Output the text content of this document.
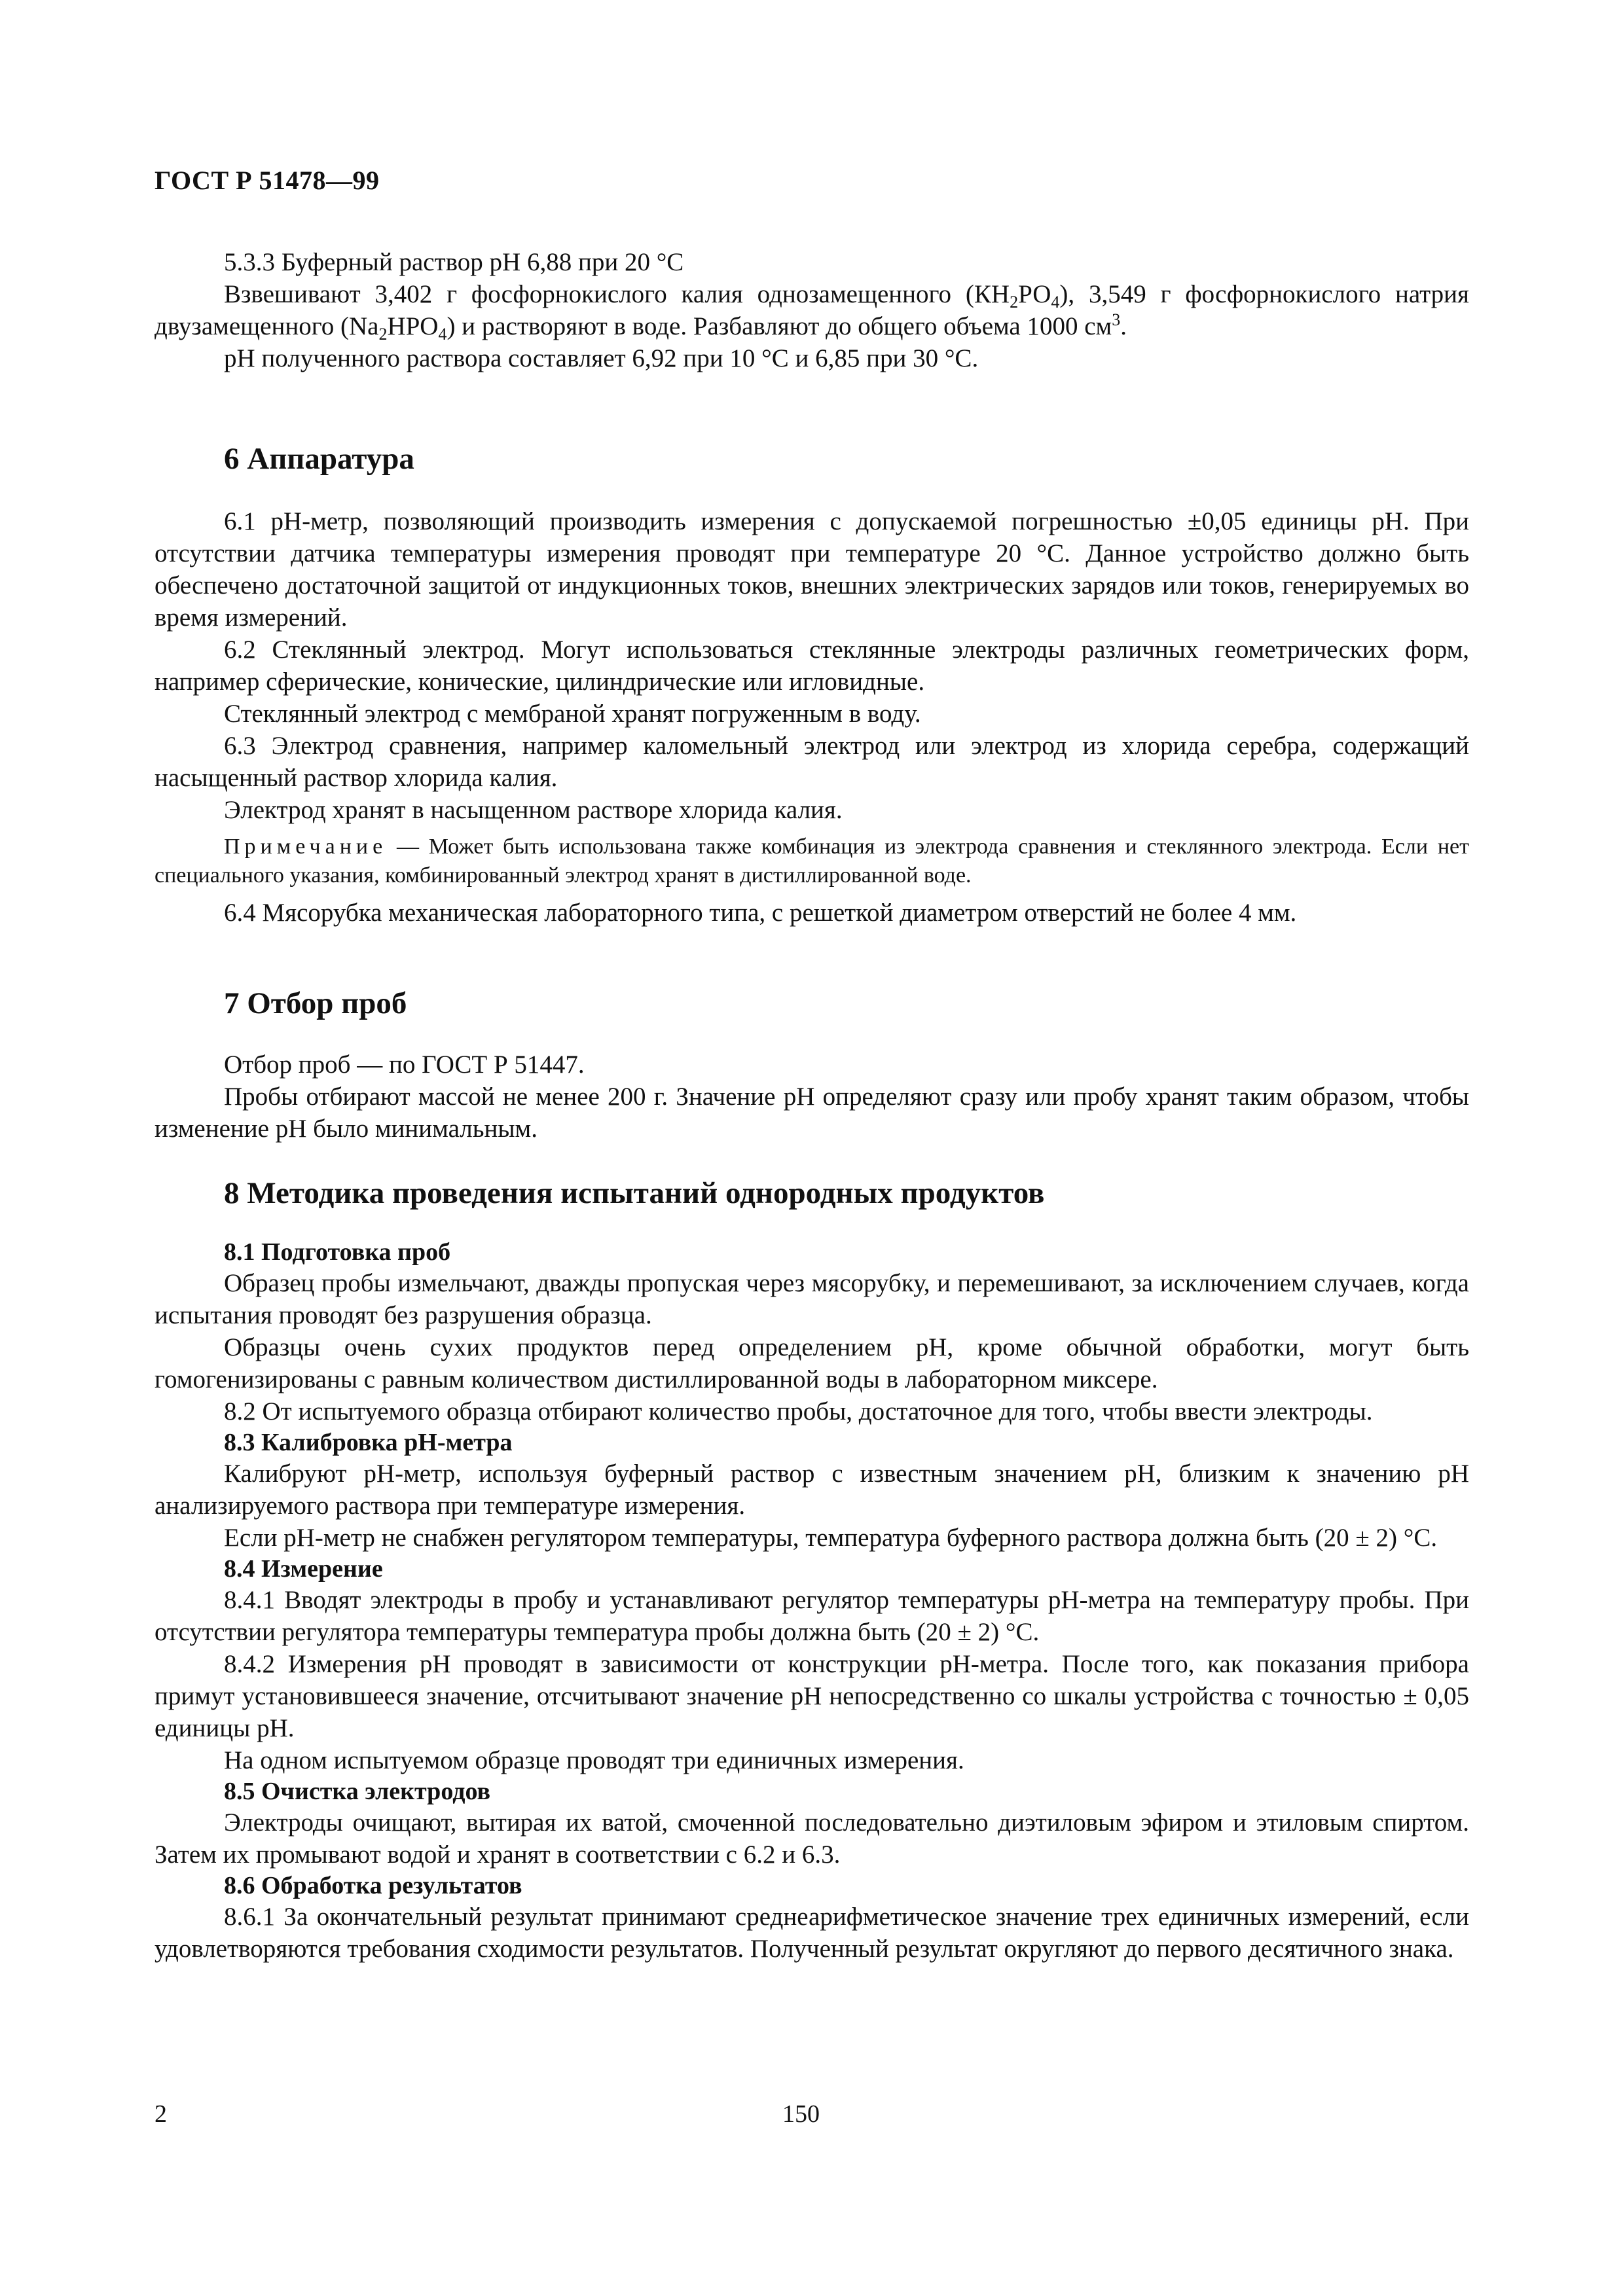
ГОСТ Р 51478—99

5.3.3 Буферный раствор рН 6,88 при 20 °С

Взвешивают 3,402 г фосфорнокислого калия однозамещенного $(КН_2РО_4)$, 3,549 г фосфорнокислого натрия двузамещенного $(Na_2HPO_4)$ и растворяют в воде. Разбавляют до общего объема 1000 $см^3$.

рН полученного раствора составляет 6,92 при 10 °С и 6,85 при 30 °С.

6 Аппаратура

6.1 рН-метр, позволяющий производить измерения с допускаемой погрешностью ±0,05 единицы рН. При отсутствии датчика температуры измерения проводят при температуре 20 °С. Данное устройство должно быть обеспечено достаточной защитой от индукционных токов, внешних электрических зарядов или токов, генерируемых во время измерений.

6.2 Стеклянный электрод. Могут использоваться стеклянные электроды различных геометрических форм, например сферические, конические, цилиндрические или игловидные.

Стеклянный электрод с мембраной хранят погруженным в воду.

6.3 Электрод сравнения, например каломельный электрод или электрод из хлорида серебра, содержащий насыщенный раствор хлорида калия.

Электрод хранят в насыщенном растворе хлорида калия.

Примечание — Может быть использована также комбинация из электрода сравнения и стеклянного электрода. Если нет специального указания, комбинированный электрод хранят в дистиллированной воде.

6.4 Мясорубка механическая лабораторного типа, с решеткой диаметром отверстий не более 4 мм.

7 Отбор проб

Отбор проб — по ГОСТ Р 51447.

Пробы отбирают массой не менее 200 г. Значение рН определяют сразу или пробу хранят таким образом, чтобы изменение рН было минимальным.

8 Методика проведения испытаний однородных продуктов
8.1 Подготовка проб

Образец пробы измельчают, дважды пропуская через мясорубку, и перемешивают, за исключением случаев, когда испытания проводят без разрушения образца.

Образцы очень сухих продуктов перед определением рН, кроме обычной обработки, могут быть гомогенизированы с равным количеством дистиллированной воды в лабораторном миксере.

8.2 От испытуемого образца отбирают количество пробы, достаточное для того, чтобы ввести электроды.

8.3 Калибровка рН-метра

Калибруют рН-метр, используя буферный раствор с известным значением рН, близким к значению рН анализируемого раствора при температуре измерения.

Если рН-метр не снабжен регулятором температуры, температура буферного раствора должна быть (20 ± 2) °С.

8.4 Измерение

8.4.1 Вводят электроды в пробу и устанавливают регулятор температуры рН-метра на температуру пробы. При отсутствии регулятора температуры температура пробы должна быть (20 ± 2) °С.

8.4.2 Измерения рН проводят в зависимости от конструкции рН-метра. После того, как показания прибора примут установившееся значение, отсчитывают значение рН непосредственно со шкалы устройства с точностью ± 0,05 единицы рН.

На одном испытуемом образце проводят три единичных измерения.

8.5 Очистка электродов

Электроды очищают, вытирая их ватой, смоченной последовательно диэтиловым эфиром и этиловым спиртом. Затем их промывают водой и хранят в соответствии с 6.2 и 6.3.

8.6 Обработка результатов

8.6.1 За окончательный результат принимают среднеарифметическое значение трех единичных измерений, если удовлетворяются требования сходимости результатов. Полученный результат округляют до первого десятичного знака.

2	150
